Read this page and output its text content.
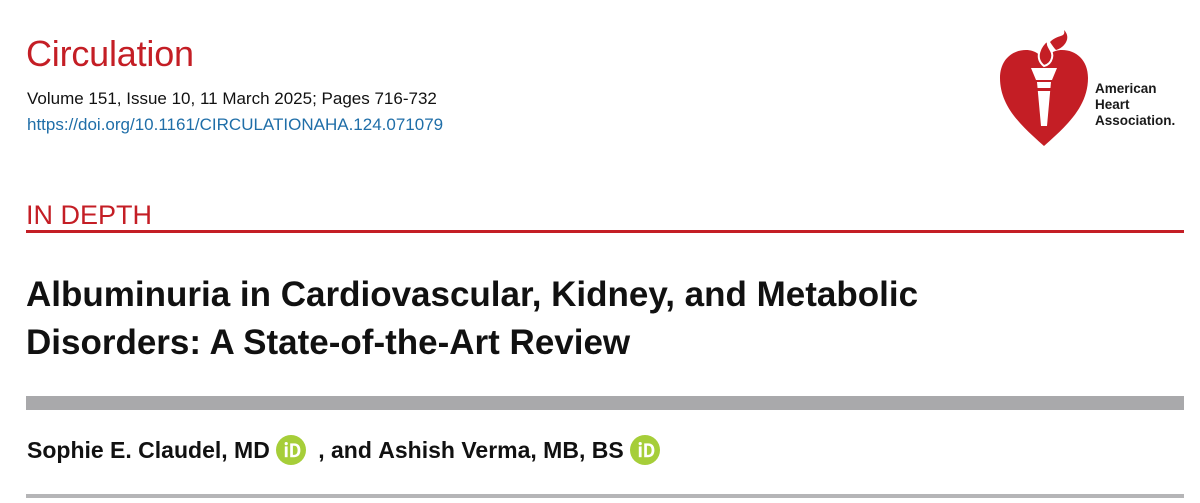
Circulation
Volume 151, Issue 10, 11 March 2025; Pages 716-732
https://doi.org/10.1161/CIRCULATIONAHA.124.071079
American
Heart
Association.
IN DEPTH
Albuminuria in Cardiovascular, Kidney, and Metabolic
Disorders: A State-of-the-Art Review
Sophie E. Claudel, MD

, and Ashish Verma, MB, BS
